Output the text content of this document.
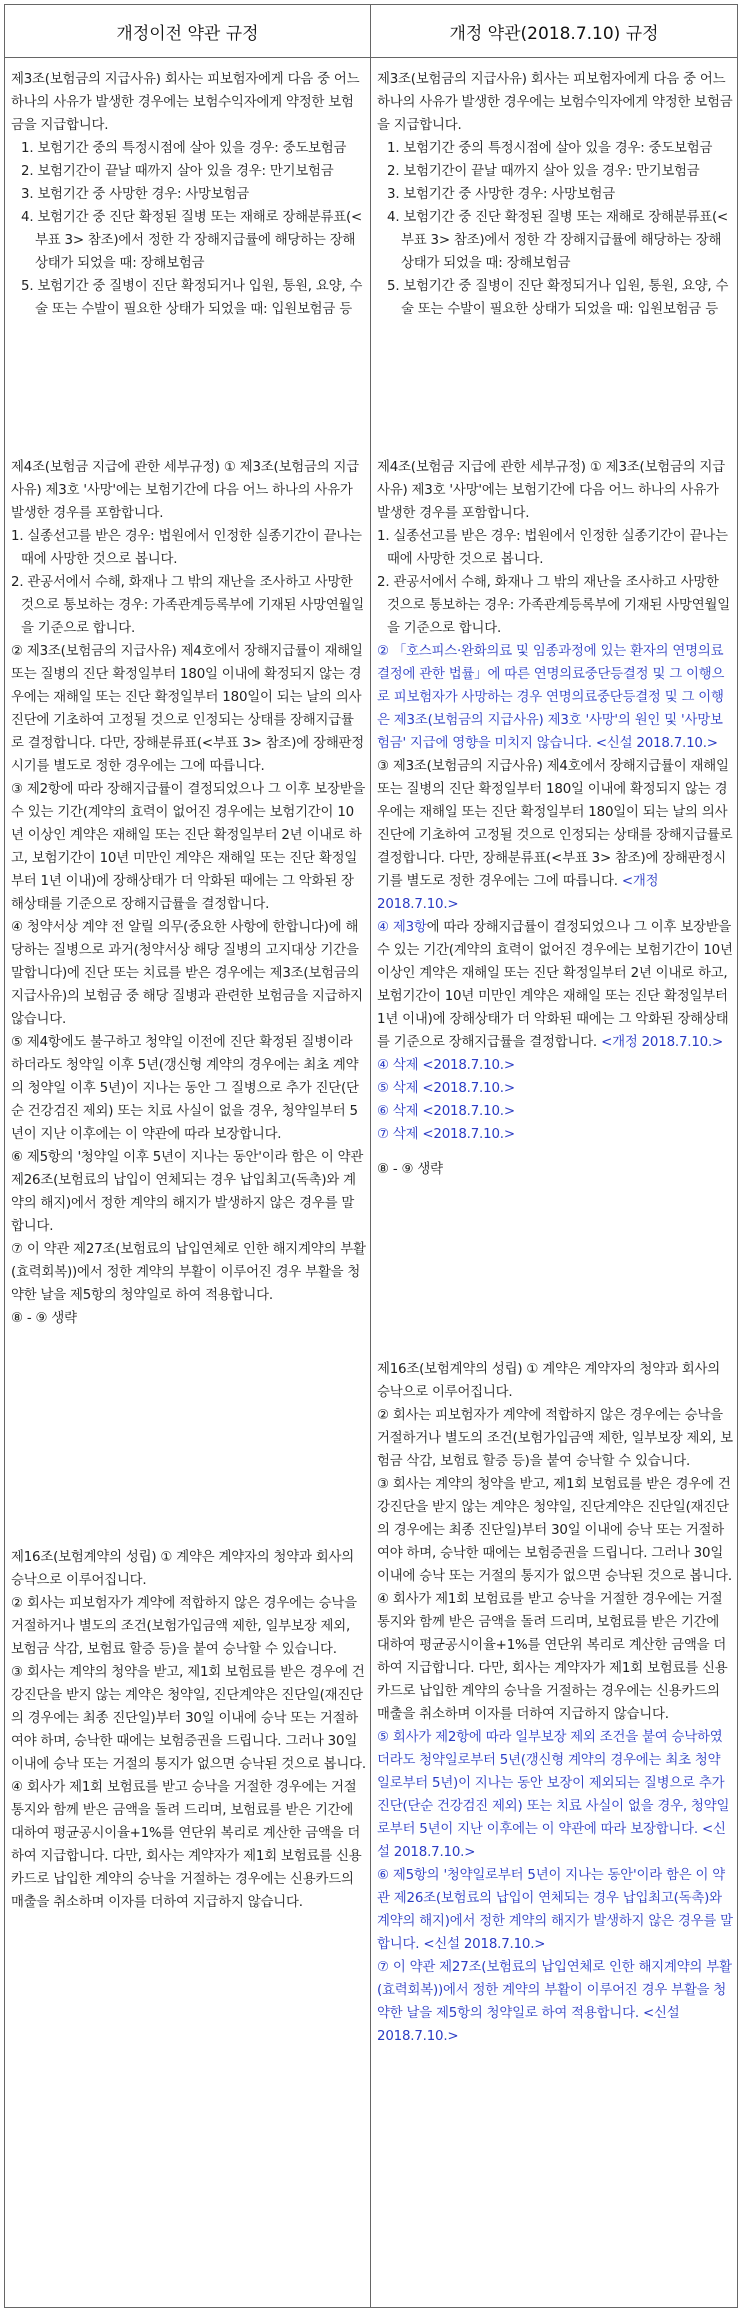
개정이전 약관 규정	개정 약관(2018.7.10) 규정

제3조(보험금의 지급사유) 회사는 피보험자에게 다음 중 어느 하나의 사유가 발생한 경우에는 보험수익자에게 약정한 보험금을 지급합니다.

1. 보험기간 중의 특정시점에 살아 있을 경우: 중도보험금

2. 보험기간이 끝날 때까지 살아 있을 경우: 만기보험금

3. 보험기간 중 사망한 경우: 사망보험금

4. 보험기간 중 진단 확정된 질병 또는 재해로 장해분류표(<부표 3> 참조)에서 정한 각 장해지급률에 해당하는 장해상태가 되었을 때: 장해보험금

5. 보험기간 중 질병이 진단 확정되거나 입원, 통원, 요양, 수술 또는 수발이 필요한 상태가 되었을 때: 입원보험금 등

제4조(보험금 지급에 관한 세부규정) ① 제3조(보험금의 지급사유) 제3호 '사망'에는 보험기간에 다음 어느 하나의 사유가 발생한 경우를 포함합니다.

1. 실종선고를 받은 경우: 법원에서 인정한 실종기간이 끝나는 때에 사망한 것으로 봅니다.

2. 관공서에서 수해, 화재나 그 밖의 재난을 조사하고 사망한 것으로 통보하는 경우: 가족관계등록부에 기재된 사망연월일을 기준으로 합니다.

② 제3조(보험금의 지급사유) 제4호에서 장해지급률이 재해일 또는 질병의 진단 확정일부터 180일 이내에 확정되지 않는 경우에는 재해일 또는 진단 확정일부터 180일이 되는 날의 의사 진단에 기초하여 고정될 것으로 인정되는 상태를 장해지급률로 결정합니다. 다만, 장해분류표(<부표 3> 참조)에 장해판정시기를 별도로 정한 경우에는 그에 따릅니다.

③ 제2항에 따라 장해지급률이 결정되었으나 그 이후 보장받을 수 있는 기간(계약의 효력이 없어진 경우에는 보험기간이 10년 이상인 계약은 재해일 또는 진단 확정일부터 2년 이내로 하고, 보험기간이 10년 미만인 계약은 재해일 또는 진단 확정일부터 1년 이내)에 장해상태가 더 악화된 때에는 그 악화된 장해상태를 기준으로 장해지급률을 결정합니다.

④ 청약서상 계약 전 알릴 의무(중요한 사항에 한합니다)에 해당하는 질병으로 과거(청약서상 해당 질병의 고지대상 기간을 말합니다)에 진단 또는 치료를 받은 경우에는 제3조(보험금의 지급사유)의 보험금 중 해당 질병과 관련한 보험금을 지급하지 않습니다.

⑤ 제4항에도 불구하고 청약일 이전에 진단 확정된 질병이라 하더라도 청약일 이후 5년(갱신형 계약의 경우에는 최초 계약의 청약일 이후 5년)이 지나는 동안 그 질병으로 추가 진단(단순 건강검진 제외) 또는 치료 사실이 없을 경우, 청약일부터 5년이 지난 이후에는 이 약관에 따라 보장합니다.

⑥ 제5항의 '청약일 이후 5년이 지나는 동안'이라 함은 이 약관 제26조(보험료의 납입이 연체되는 경우 납입최고(독촉)와 계약의 해지)에서 정한 계약의 해지가 발생하지 않은 경우를 말합니다.

⑦ 이 약관 제27조(보험료의 납입연체로 인한 해지계약의 부활(효력회복))에서 정한 계약의 부활이 이루어진 경우 부활을 청약한 날을 제5항의 청약일로 하여 적용합니다.

⑧ - ⑨ 생략

제16조(보험계약의 성립) ① 계약은 계약자의 청약과 회사의 승낙으로 이루어집니다.

② 회사는 피보험자가 계약에 적합하지 않은 경우에는 승낙을 거절하거나 별도의 조건(보험가입금액 제한, 일부보장 제외, 보험금 삭감, 보험료 할증 등)을 붙여 승낙할 수 있습니다.

③ 회사는 계약의 청약을 받고, 제1회 보험료를 받은 경우에 건강진단을 받지 않는 계약은 청약일, 진단계약은 진단일(재진단의 경우에는 최종 진단일)부터 30일 이내에 승낙 또는 거절하여야 하며, 승낙한 때에는 보험증권을 드립니다. 그러나 30일 이내에 승낙 또는 거절의 통지가 없으면 승낙된 것으로 봅니다.

④ 회사가 제1회 보험료를 받고 승낙을 거절한 경우에는 거절통지와 함께 받은 금액을 돌려 드리며, 보험료를 받은 기간에 대하여 평균공시이율+1%를 연단위 복리로 계산한 금액을 더하여 지급합니다. 다만, 회사는 계약자가 제1회 보험료를 신용카드로 납입한 계약의 승낙을 거절하는 경우에는 신용카드의 매출을 취소하며 이자를 더하여 지급하지 않습니다.

제3조(보험금의 지급사유) 회사는 피보험자에게 다음 중 어느 하나의 사유가 발생한 경우에는 보험수익자에게 약정한 보험금을 지급합니다.

1. 보험기간 중의 특정시점에 살아 있을 경우: 중도보험금

2. 보험기간이 끝날 때까지 살아 있을 경우: 만기보험금

3. 보험기간 중 사망한 경우: 사망보험금

4. 보험기간 중 진단 확정된 질병 또는 재해로 장해분류표(<부표 3> 참조)에서 정한 각 장해지급률에 해당하는 장해상태가 되었을 때: 장해보험금

5. 보험기간 중 질병이 진단 확정되거나 입원, 통원, 요양, 수술 또는 수발이 필요한 상태가 되었을 때: 입원보험금 등

제4조(보험금 지급에 관한 세부규정) ① 제3조(보험금의 지급사유) 제3호 '사망'에는 보험기간에 다음 어느 하나의 사유가 발생한 경우를 포함합니다.

1. 실종선고를 받은 경우: 법원에서 인정한 실종기간이 끝나는 때에 사망한 것으로 봅니다.

2. 관공서에서 수해, 화재나 그 밖의 재난을 조사하고 사망한 것으로 통보하는 경우: 가족관계등록부에 기재된 사망연월일을 기준으로 합니다.

② 「호스피스·완화의료 및 임종과정에 있는 환자의 연명의료 결정에 관한 법률」에 따른 연명의료중단등결정 및 그 이행으로 피보험자가 사망하는 경우 연명의료중단등결정 및 그 이행은 제3조(보험금의 지급사유) 제3호 '사망'의 원인 및 '사망보험금' 지급에 영향을 미치지 않습니다. <신설 2018.7.10.>

③ 제3조(보험금의 지급사유) 제4호에서 장해지급률이 재해일 또는 질병의 진단 확정일부터 180일 이내에 확정되지 않는 경우에는 재해일 또는 진단 확정일부터 180일이 되는 날의 의사 진단에 기초하여 고정될 것으로 인정되는 상태를 장해지급률로 결정합니다. 다만, 장해분류표(<부표 3> 참조)에 장해판정시기를 별도로 정한 경우에는 그에 따릅니다. <개정 2018.7.10.>

④ 제3항에 따라 장해지급률이 결정되었으나 그 이후 보장받을 수 있는 기간(계약의 효력이 없어진 경우에는 보험기간이 10년 이상인 계약은 재해일 또는 진단 확정일부터 2년 이내로 하고, 보험기간이 10년 미만인 계약은 재해일 또는 진단 확정일부터 1년 이내)에 장해상태가 더 악화된 때에는 그 악화된 장해상태를 기준으로 장해지급률을 결정합니다. <개정 2018.7.10.>

④ 삭제 <2018.7.10.>

⑤ 삭제 <2018.7.10.>

⑥ 삭제 <2018.7.10.>

⑦ 삭제 <2018.7.10.>

⑧ - ⑨ 생략

제16조(보험계약의 성립) ① 계약은 계약자의 청약과 회사의 승낙으로 이루어집니다.

② 회사는 피보험자가 계약에 적합하지 않은 경우에는 승낙을 거절하거나 별도의 조건(보험가입금액 제한, 일부보장 제외, 보험금 삭감, 보험료 할증 등)을 붙여 승낙할 수 있습니다.

③ 회사는 계약의 청약을 받고, 제1회 보험료를 받은 경우에 건강진단을 받지 않는 계약은 청약일, 진단계약은 진단일(재진단의 경우에는 최종 진단일)부터 30일 이내에 승낙 또는 거절하여야 하며, 승낙한 때에는 보험증권을 드립니다. 그러나 30일 이내에 승낙 또는 거절의 통지가 없으면 승낙된 것으로 봅니다.

④ 회사가 제1회 보험료를 받고 승낙을 거절한 경우에는 거절통지와 함께 받은 금액을 돌려 드리며, 보험료를 받은 기간에 대하여 평균공시이율+1%를 연단위 복리로 계산한 금액을 더하여 지급합니다. 다만, 회사는 계약자가 제1회 보험료를 신용카드로 납입한 계약의 승낙을 거절하는 경우에는 신용카드의 매출을 취소하며 이자를 더하여 지급하지 않습니다.

⑤ 회사가 제2항에 따라 일부보장 제외 조건을 붙여 승낙하였더라도 청약일로부터 5년(갱신형 계약의 경우에는 최초 청약일로부터 5년)이 지나는 동안 보장이 제외되는 질병으로 추가 진단(단순 건강검진 제외) 또는 치료 사실이 없을 경우, 청약일로부터 5년이 지난 이후에는 이 약관에 따라 보장합니다. <신설 2018.7.10.>

⑥ 제5항의 '청약일로부터 5년이 지나는 동안'이라 함은 이 약관 제26조(보험료의 납입이 연체되는 경우 납입최고(독촉)와 계약의 해지)에서 정한 계약의 해지가 발생하지 않은 경우를 말합니다. <신설 2018.7.10.>

⑦ 이 약관 제27조(보험료의 납입연체로 인한 해지계약의 부활(효력회복))에서 정한 계약의 부활이 이루어진 경우 부활을 청약한 날을 제5항의 청약일로 하여 적용합니다. <신설 2018.7.10.>
